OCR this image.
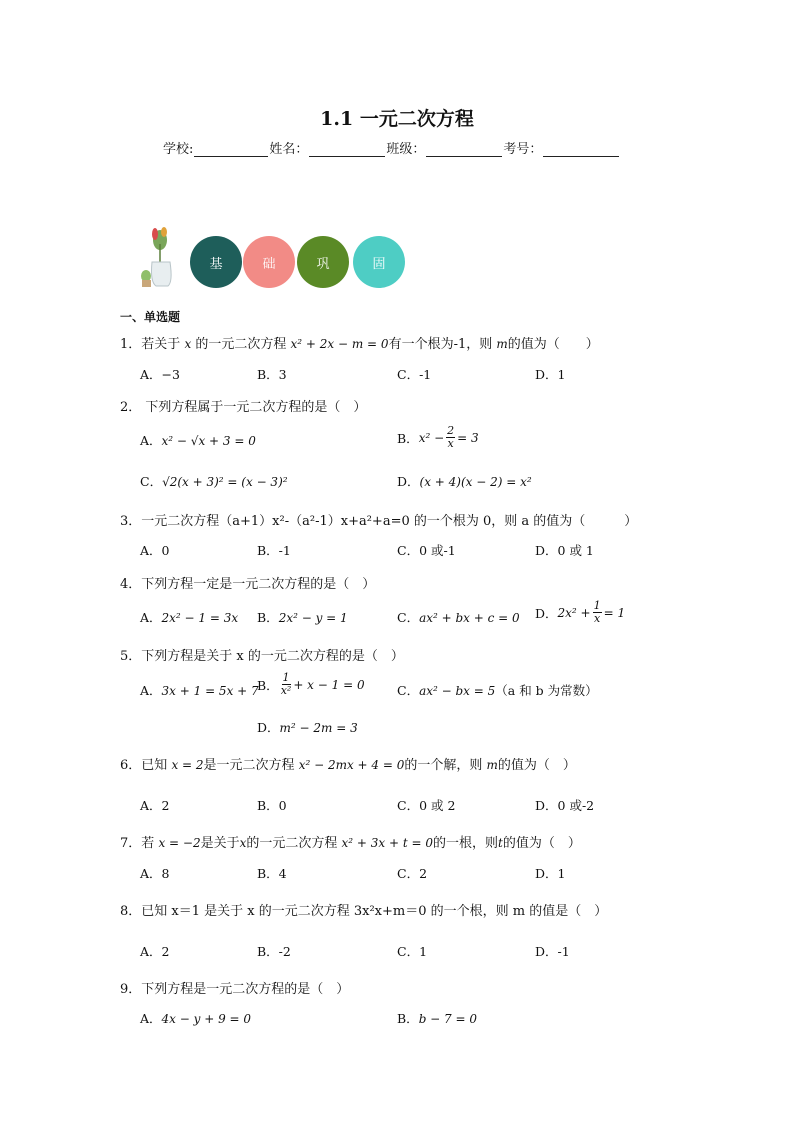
1.1 一元二次方程
学校:	姓名：	班级：	考号：
基	础	巩	固
一、单选题
1．若关于 x 的一元二次方程 x² + 2x − m = 0有一个根为-1，则 m的值为（　　）
A．−3	B．3	C．-1	D．1
2． 下列方程属于一元二次方程的是（　）
A．x² − √x + 3 = 0	B． $x^2 - \frac{2}{x} = 3$
C．√2(x + 3)² = (x − 3)²	D．(x + 4)(x − 2) = x²
3．一元二次方程（a+1）x²-（a²-1）x+a²+a=0 的一个根为 0，则 a 的值为（　　　）
A．0	B．-1	C．0 或-1	D．0 或 1
4．下列方程一定是一元二次方程的是（　）
A．2x² − 1 = 3x B．2x² − y = 1	C．ax² + bx + c = 0 D． $2x^2 + \frac{1}{x} = 1$
5．下列方程是关于 x 的一元二次方程的是（　）
A．3x + 1 = 5x + 7
B． $\frac{1}{\text{x²}} + x - 1 = 0$	C．ax² − bx = 5（a 和 b 为常数）
D．m² − 2m = 3
6．已知 x = 2是一元二次方程 x² − 2mx + 4 = 0的一个解，则 m的值为（　）
A．2	B．0	C．0 或 2	D．0 或-2
7．若 x = −2是关于x的一元二次方程 x² + 3x + t = 0的一根，则t的值为（　）
A．8	B．4	C．2	D．1
8．已知 x＝1 是关于 x 的一元二次方程 3x²x+m＝0 的一个根，则 m 的值是（　）
A．2	B．-2	C．1	D．-1
9．下列方程是一元二次方程的是（　）
A．4x − y + 9 = 0	B．b − 7 = 0
